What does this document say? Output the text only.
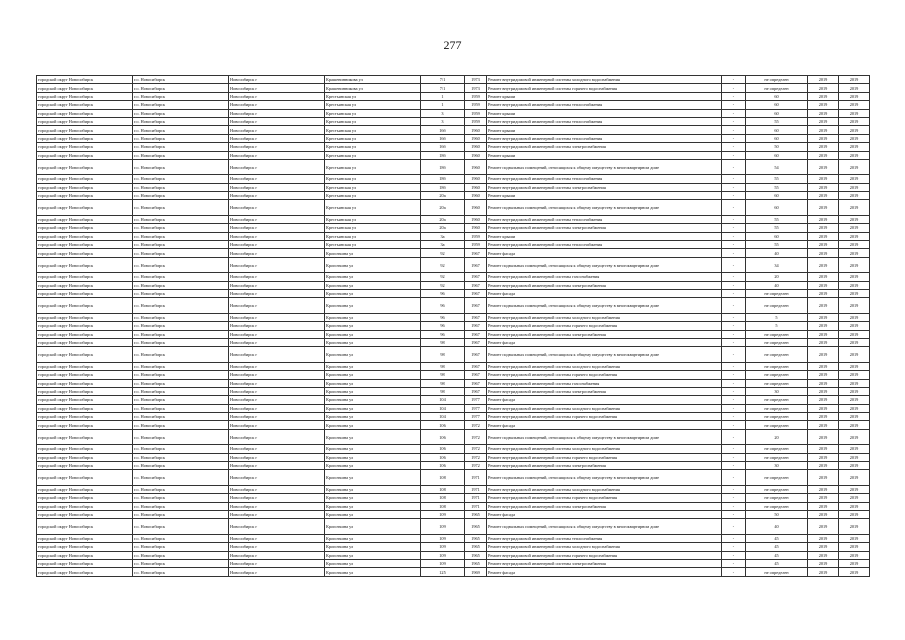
277
городской округ Новосибирск	г.о. Новосибирск	Новосибирск г	Крашенинникова ул	7/1	1973	Ремонт внутридомовой инженерной системы холодного водоснабжения	-	не определен	2019	2019
городской округ Новосибирск	г.о. Новосибирск	Новосибирск г	Крашенинникова ул	7/1	1973	Ремонт внутридомовой инженерной системы горячего водоснабжения	-	не определен	2019	2019
городской округ Новосибирск	г.о. Новосибирск	Новосибирск г	Крестьянская ул	1	1959	Ремонт крыши	-	60	2019	2019
городской округ Новосибирск	г.о. Новосибирск	Новосибирск г	Крестьянская ул	1	1959	Ремонт внутридомовой инженерной системы теплоснабжения	-	60	2019	2019
городской округ Новосибирск	г.о. Новосибирск	Новосибирск г	Крестьянская ул	3	1959	Ремонт крыши	-	60	2019	2019
городской округ Новосибирск	г.о. Новосибирск	Новосибирск г	Крестьянская ул	3	1959	Ремонт внутридомовой инженерной системы теплоснабжения	-	55	2019	2019
городской округ Новосибирск	г.о. Новосибирск	Новосибирск г	Крестьянская ул	16б	1960	Ремонт крыши	-	60	2019	2019
городской округ Новосибирск	г.о. Новосибирск	Новосибирск г	Крестьянская ул	16б	1960	Ремонт внутридомовой инженерной системы теплоснабжения	-	60	2019	2019
городской округ Новосибирск	г.о. Новосибирск	Новосибирск г	Крестьянская ул	16б	1960	Ремонт внутридомовой инженерной системы электроснабжения	-	50	2019	2019
городской округ Новосибирск	г.о. Новосибирск	Новосибирск г	Крестьянская ул	18б	1960	Ремонт крыши	-	60	2019	2019
городской округ Новосибирск	г.о. Новосибирск	Новосибирск г	Крестьянская ул	18б	1960	Ремонт подвальных помещений, относящихся к общему имуществу в многоквартирном доме	-	54	2019	2019
городской округ Новосибирск	г.о. Новосибирск	Новосибирск г	Крестьянская ул	18б	1960	Ремонт внутридомовой инженерной системы теплоснабжения	-	55	2019	2019
городской округ Новосибирск	г.о. Новосибирск	Новосибирск г	Крестьянская ул	18б	1960	Ремонт внутридомовой инженерной системы электроснабжения	-	55	2019	2019
городской округ Новосибирск	г.о. Новосибирск	Новосибирск г	Крестьянская ул	20а	1960	Ремонт крыши	-	60	2019	2019
городской округ Новосибирск	г.о. Новосибирск	Новосибирск г	Крестьянская ул	20а	1960	Ремонт подвальных помещений, относящихся к общему имуществу в многоквартирном доме	-	60	2019	2019
городской округ Новосибирск	г.о. Новосибирск	Новосибирск г	Крестьянская ул	20а	1960	Ремонт внутридомовой инженерной системы теплоснабжения	-	55	2019	2019
городской округ Новосибирск	г.о. Новосибирск	Новосибирск г	Крестьянская ул	20а	1960	Ремонт внутридомовой инженерной системы электроснабжения	-	55	2019	2019
городской округ Новосибирск	г.о. Новосибирск	Новосибирск г	Крестьянская ул	3а	1959	Ремонт крыши	-	60	2019	2019
городской округ Новосибирск	г.о. Новосибирск	Новосибирск г	Крестьянская ул	3а	1959	Ремонт внутридомовой инженерной системы теплоснабжения	-	55	2019	2019
городской округ Новосибирск	г.о. Новосибирск	Новосибирск г	Кропоткина ул	92	1967	Ремонт фасада	-	40	2019	2019
городской округ Новосибирск	г.о. Новосибирск	Новосибирск г	Кропоткина ул	92	1967	Ремонт подвальных помещений, относящихся к общему имуществу в многоквартирном доме	-	34	2019	2019
городской округ Новосибирск	г.о. Новосибирск	Новосибирск г	Кропоткина ул	92	1967	Ремонт внутридомовой инженерной системы газоснабжения	-	20	2019	2019
городской округ Новосибирск	г.о. Новосибирск	Новосибирск г	Кропоткина ул	92	1967	Ремонт внутридомовой инженерной системы электроснабжения	-	40	2019	2019
городской округ Новосибирск	г.о. Новосибирск	Новосибирск г	Кропоткина ул	96	1967	Ремонт фасада	-	не определен	2019	2019
городской округ Новосибирск	г.о. Новосибирск	Новосибирск г	Кропоткина ул	96	1967	Ремонт подвальных помещений, относящихся к общему имуществу в многоквартирном доме	-	не определен	2019	2019
городской округ Новосибирск	г.о. Новосибирск	Новосибирск г	Кропоткина ул	96	1967	Ремонт внутридомовой инженерной системы холодного водоснабжения	-	5	2019	2019
городской округ Новосибирск	г.о. Новосибирск	Новосибирск г	Кропоткина ул	96	1967	Ремонт внутридомовой инженерной системы горячего водоснабжения	-	5	2019	2019
городской округ Новосибирск	г.о. Новосибирск	Новосибирск г	Кропоткина ул	96	1967	Ремонт внутридомовой инженерной системы электроснабжения	-	не определен	2019	2019
городской округ Новосибирск	г.о. Новосибирск	Новосибирск г	Кропоткина ул	98	1967	Ремонт фасада	-	не определен	2019	2019
городской округ Новосибирск	г.о. Новосибирск	Новосибирск г	Кропоткина ул	98	1967	Ремонт подвальных помещений, относящихся к общему имуществу в многоквартирном доме	-	не определен	2019	2019
городской округ Новосибирск	г.о. Новосибирск	Новосибирск г	Кропоткина ул	98	1967	Ремонт внутридомовой инженерной системы холодного водоснабжения	-	не определен	2019	2019
городской округ Новосибирск	г.о. Новосибирск	Новосибирск г	Кропоткина ул	98	1967	Ремонт внутридомовой инженерной системы горячего водоснабжения	-	не определен	2019	2019
городской округ Новосибирск	г.о. Новосибирск	Новосибирск г	Кропоткина ул	98	1967	Ремонт внутридомовой инженерной системы газоснабжения	-	не определен	2019	2019
городской округ Новосибирск	г.о. Новосибирск	Новосибирск г	Кропоткина ул	98	1967	Ремонт внутридомовой инженерной системы электроснабжения	-	30	2019	2019
городской округ Новосибирск	г.о. Новосибирск	Новосибирск г	Кропоткина ул	104	1977	Ремонт фасада	-	не определен	2019	2019
городской округ Новосибирск	г.о. Новосибирск	Новосибирск г	Кропоткина ул	104	1977	Ремонт внутридомовой инженерной системы холодного водоснабжения	-	не определен	2019	2019
городской округ Новосибирск	г.о. Новосибирск	Новосибирск г	Кропоткина ул	104	1977	Ремонт внутридомовой инженерной системы горячего водоснабжения	-	не определен	2019	2019
городской округ Новосибирск	г.о. Новосибирск	Новосибирск г	Кропоткина ул	106	1972	Ремонт фасада	-	не определен	2019	2019
городской округ Новосибирск	г.о. Новосибирск	Новосибирск г	Кропоткина ул	106	1972	Ремонт подвальных помещений, относящихся к общему имуществу в многоквартирном доме	-	20	2019	2019
городской округ Новосибирск	г.о. Новосибирск	Новосибирск г	Кропоткина ул	106	1972	Ремонт внутридомовой инженерной системы холодного водоснабжения	-	не определен	2019	2019
городской округ Новосибирск	г.о. Новосибирск	Новосибирск г	Кропоткина ул	106	1972	Ремонт внутридомовой инженерной системы горячего водоснабжения	-	не определен	2019	2019
городской округ Новосибирск	г.о. Новосибирск	Новосибирск г	Кропоткина ул	106	1972	Ремонт внутридомовой инженерной системы электроснабжения	-	30	2019	2019
городской округ Новосибирск	г.о. Новосибирск	Новосибирск г	Кропоткина ул	108	1971	Ремонт подвальных помещений, относящихся к общему имуществу в многоквартирном доме	-	не определен	2019	2019
городской округ Новосибирск	г.о. Новосибирск	Новосибирск г	Кропоткина ул	108	1971	Ремонт внутридомовой инженерной системы холодного водоснабжения	-	не определен	2019	2019
городской округ Новосибирск	г.о. Новосибирск	Новосибирск г	Кропоткина ул	108	1971	Ремонт внутридомовой инженерной системы горячего водоснабжения	-	не определен	2019	2019
городской округ Новосибирск	г.о. Новосибирск	Новосибирск г	Кропоткина ул	108	1971	Ремонт внутридомовой инженерной системы электроснабжения	-	не определен	2019	2019
городской округ Новосибирск	г.о. Новосибирск	Новосибирск г	Кропоткина ул	109	1965	Ремонт фасада	-	50	2019	2019
городской округ Новосибирск	г.о. Новосибирск	Новосибирск г	Кропоткина ул	109	1965	Ремонт подвальных помещений, относящихся к общему имуществу в многоквартирном доме	-	40	2019	2019
городской округ Новосибирск	г.о. Новосибирск	Новосибирск г	Кропоткина ул	109	1965	Ремонт внутридомовой инженерной системы теплоснабжения	-	45	2019	2019
городской округ Новосибирск	г.о. Новосибирск	Новосибирск г	Кропоткина ул	109	1965	Ремонт внутридомовой инженерной системы холодного водоснабжения	-	45	2019	2019
городской округ Новосибирск	г.о. Новосибирск	Новосибирск г	Кропоткина ул	109	1965	Ремонт внутридомовой инженерной системы горячего водоснабжения	-	45	2019	2019
городской округ Новосибирск	г.о. Новосибирск	Новосибирск г	Кропоткина ул	109	1965	Ремонт внутридомовой инженерной системы электроснабжения	-	45	2019	2019
городской округ Новосибирск	г.о. Новосибирск	Новосибирск г	Кропоткина ул	125	1969	Ремонт фасада	-	не определен	2019	2019
